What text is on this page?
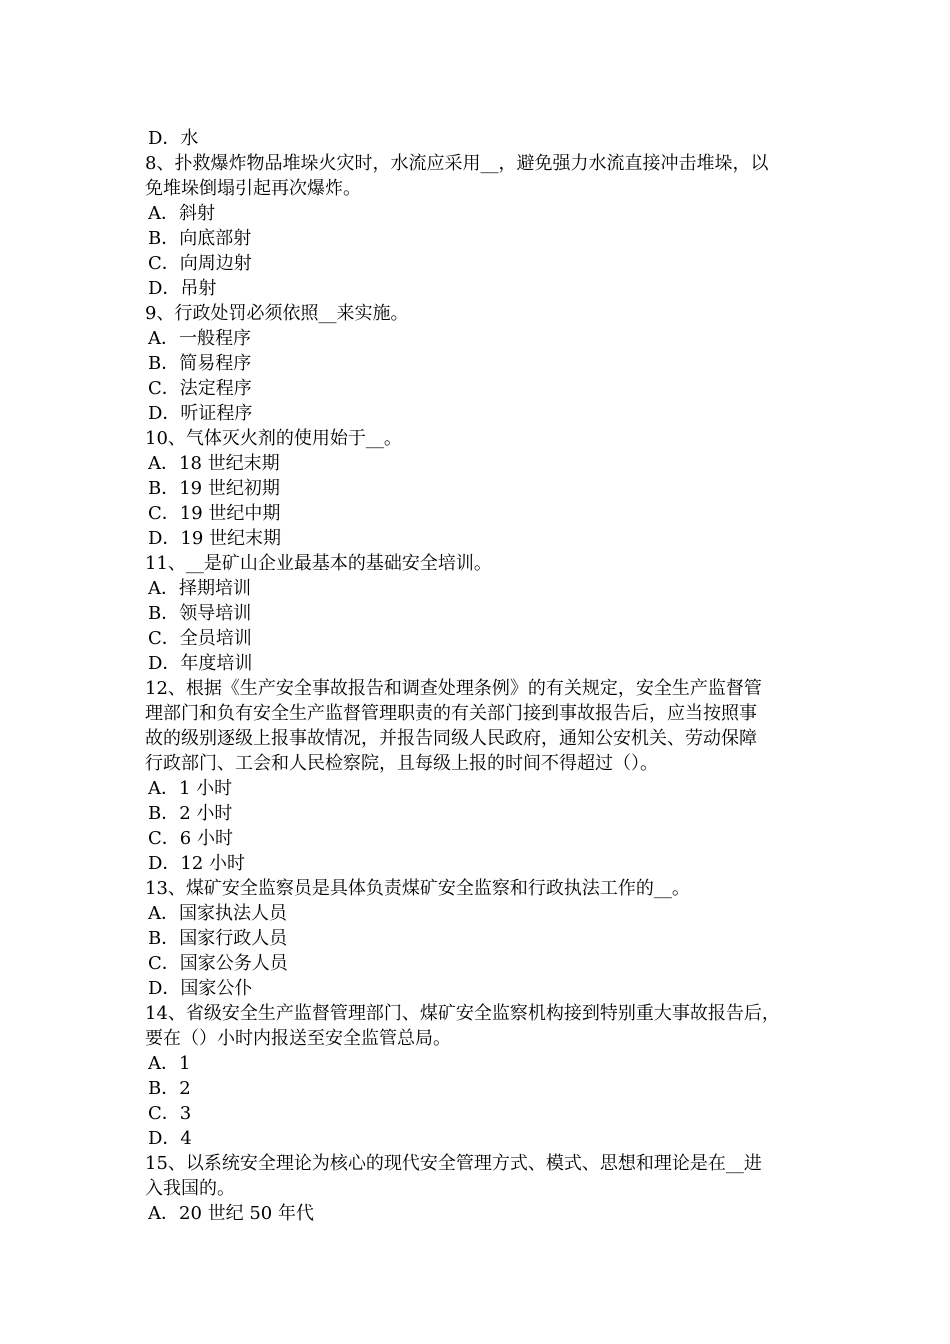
D．水
8、扑救爆炸物品堆垛火灾时，水流应采用__，避免强力水流直接冲击堆垛，以
免堆垛倒塌引起再次爆炸。
A．斜射
B．向底部射
C．向周边射
D．吊射
9、行政处罚必须依照__来实施。
A．一般程序
B．简易程序
C．法定程序
D．听证程序
10、气体灭火剂的使用始于__。
A．18 世纪末期
B．19 世纪初期
C．19 世纪中期
D．19 世纪末期
11、__是矿山企业最基本的基础安全培训。
A．择期培训
B．领导培训
C．全员培训
D．年度培训
12、根据《生产安全事故报告和调查处理条例》的有关规定，安全生产监督管
理部门和负有安全生产监督管理职责的有关部门接到事故报告后，应当按照事
故的级别逐级上报事故情况，并报告同级人民政府，通知公安机关、劳动保障
行政部门、工会和人民检察院，且每级上报的时间不得超过（）。
A．1 小时
B．2 小时
C．6 小时
D．12 小时
13、煤矿安全监察员是具体负责煤矿安全监察和行政执法工作的__。
A．国家执法人员
B．国家行政人员
C．国家公务人员
D．国家公仆
14、省级安全生产监督管理部门、煤矿安全监察机构接到特别重大事故报告后，
要在（）小时内报送至安全监管总局。
A．1
B．2
C．3
D．4
15、以系统安全理论为核心的现代安全管理方式、模式、思想和理论是在__进
入我国的。
A．20 世纪 50 年代
